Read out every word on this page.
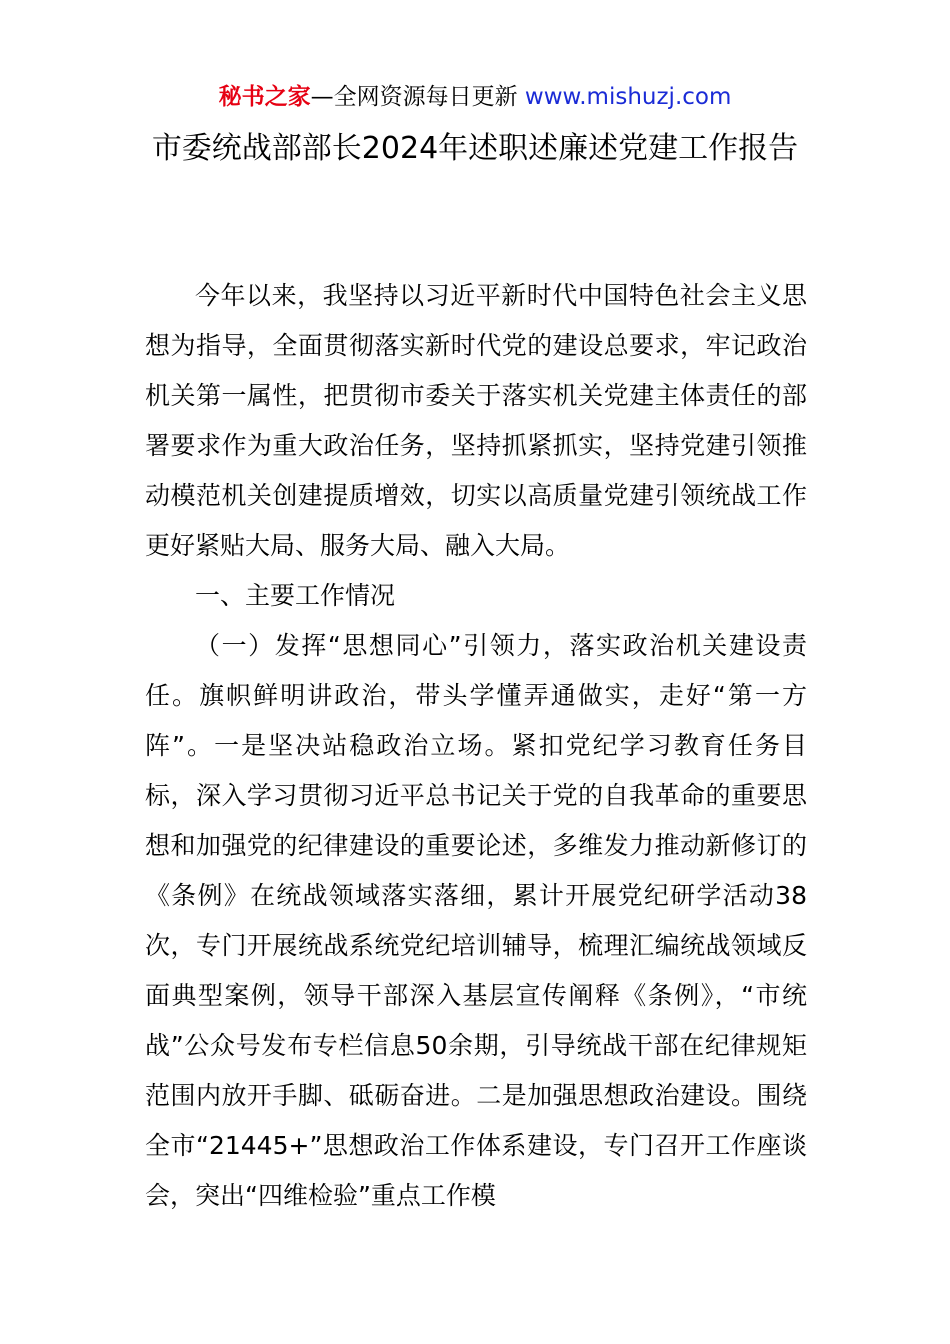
秘书之家—全网资源每日更新 www.mishuzj.com
市委统战部部长2024年述职述廉述党建工作报告

今年以来，我坚持以习近平新时代中国特色社会主义思想为指导，全面贯彻落实新时代党的建设总要求，牢记政治机关第一属性，把贯彻市委关于落实机关党建主体责任的部署要求作为重大政治任务，坚持抓紧抓实，坚持党建引领推动模范机关创建提质增效，切实以高质量党建引领统战工作更好紧贴大局、服务大局、融入大局。

一、主要工作情况

（一）发挥“思想同心”引领力，落实政治机关建设责任。旗帜鲜明讲政治，带头学懂弄通做实，走好“第一方阵”。一是坚决站稳政治立场。紧扣党纪学习教育任务目标，深入学习贯彻习近平总书记关于党的自我革命的重要思想和加强党的纪律建设的重要论述，多维发力推动新修订的《条例》在统战领域落实落细，累计开展党纪研学活动38次，专门开展统战系统党纪培训辅导，梳理汇编统战领域反面典型案例，领导干部深入基层宣传阐释《条例》，“市统战”公众号发布专栏信息50余期，引导统战干部在纪律规矩范围内放开手脚、砥砺奋进。二是加强思想政治建设。围绕全市“21445+”思想政治工作体系建设，专门召开工作座谈会，突出“四维检验”重点工作模
